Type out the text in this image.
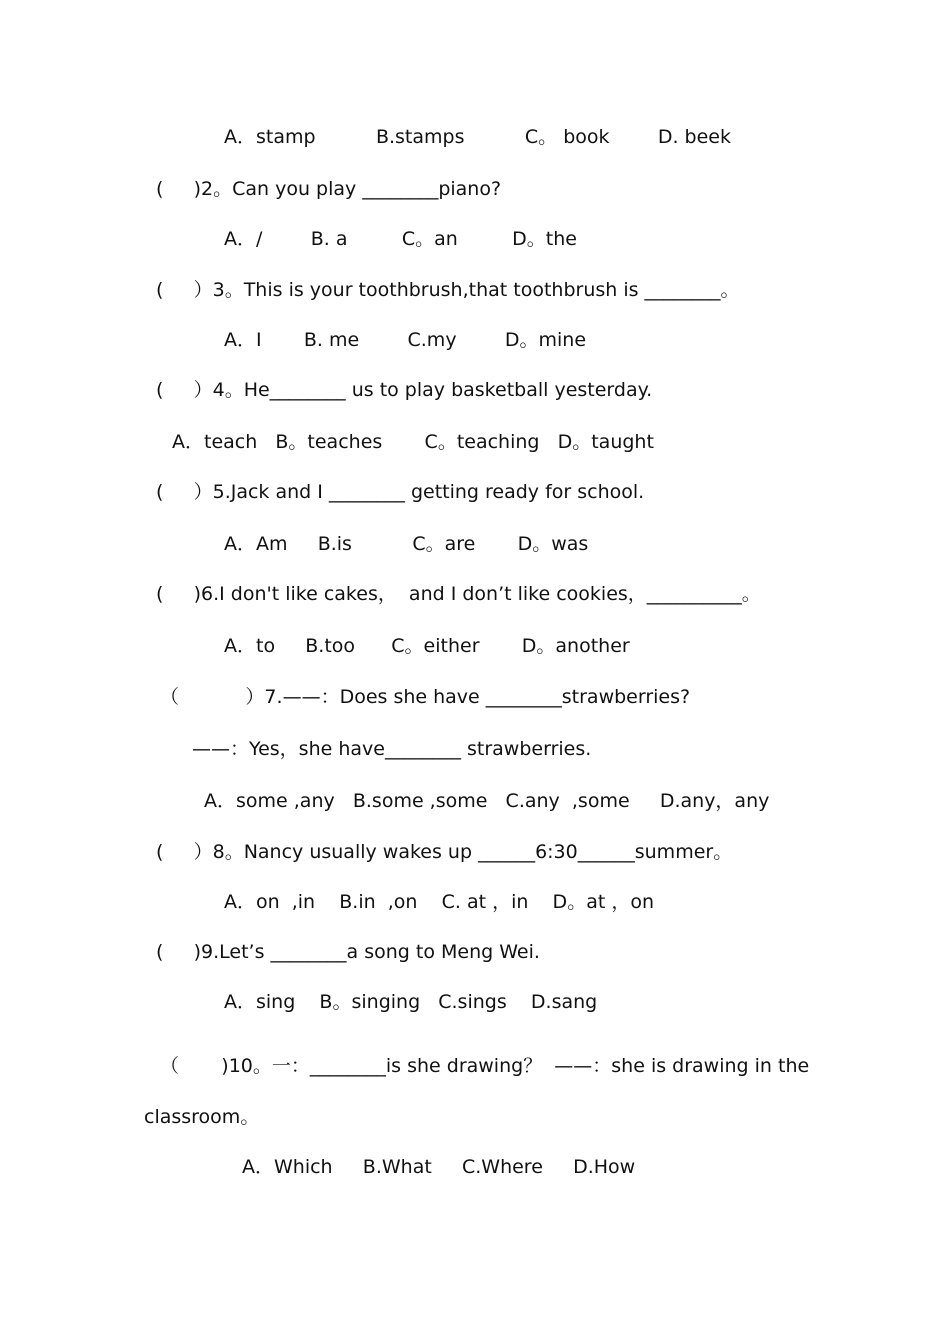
A．stamp          B.stamps          C。 book        D. beek
(     )2。Can you play ________piano?
A．/        B. a         C。an         D。the
(     ）3。This is your toothbrush,that toothbrush is ________。
A．I       B. me        C.my        D。mine
(     ）4。He________ us to play basketball yesterday.
A．teach   B。teaches       C。teaching   D。taught
(     ）5.Jack and I ________ getting ready for school.
A．Am     B.is          C。are       D。was
(     )6.I don't like cakes，  and I don’t like cookies，__________。
A．to     B.too      C。either       D。another
（           ）7.——：Does she have ________strawberries?
——：Yes，she have________ strawberries.
A．some ,any   B.some ,some   C.any  ,some     D.any，any
(     ）8。Nancy usually wakes up ______6:30______summer。
A．on  ,in    B.in  ,on    C. at ，in    D。at ，on
(     )9.Let’s ________a song to Meng Wei.
A．sing    B。singing   C.sings    D.sang
（       )10。一：________is she drawing？  ——：she is drawing in the
classroom。
A．Which     B.What     C.Where     D.How
